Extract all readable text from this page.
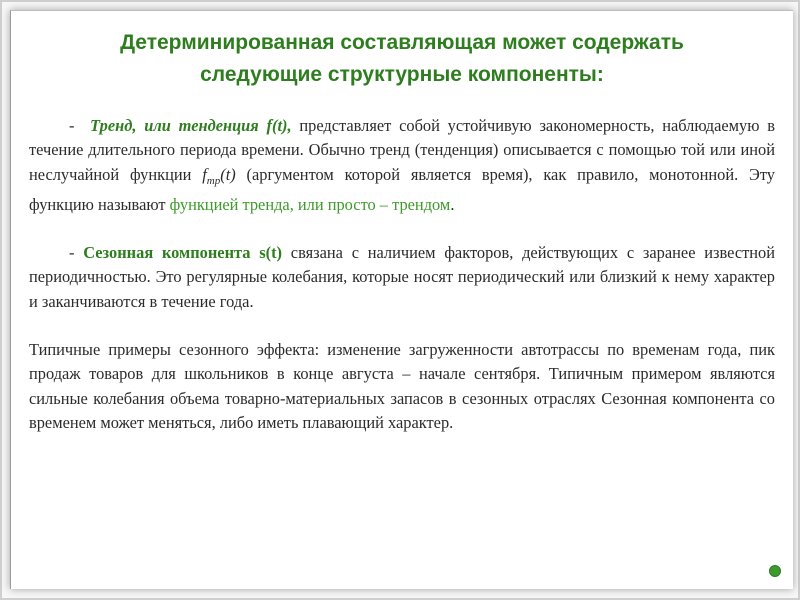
Детерминированная составляющая может содержать
следующие структурные компоненты:

- Тренд, или тенденция f(t), представляет собой устойчивую закономерность, наблюдаемую в течение длительного периода времени. Обычно тренд (тенденция) описывается с помощью той или иной неслучайной функции $f_{тр}(t)$ (аргументом которой является время), как правило, монотонной. Эту функцию называют функцией тренда, или просто – трендом.

- Сезонная компонента s(t) связана с наличием факторов, действующих с заранее известной периодичностью. Это регулярные колебания, которые носят периодический или близкий к нему характер и заканчиваются в течение года.

Типичные примеры сезонного эффекта: изменение загруженности автотрассы по временам года, пик продаж товаров для школьников в конце августа – начале сентября. Типичным примером являются сильные колебания объема товарно-материальных запасов в сезонных отраслях Сезонная компонента со временем может меняться, либо иметь плавающий характер.
